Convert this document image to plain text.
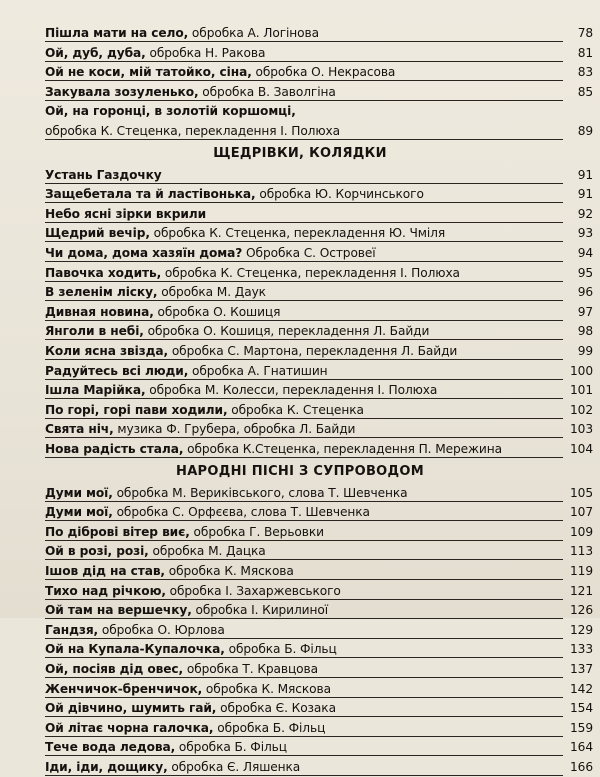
Пішла мати на село, обробка А. Логінова	78
Ой, дуб, дуба, обробка Н. Ракова	81
Ой не коси, мій татойко, сіна, обробка О. Некрасова	83
Закувала зозуленько, обробка В. Заволгіна	85
Ой, на горонці, в золотій коршомці,
обробка К. Стеценка, перекладення І. Полюха	89
Устань Газдочку	91
Защебетала та й ластівонька, обробка Ю. Корчинського	91
Небо ясні зірки вкрили	92
Щедрий вечір, обробка К. Стеценка, перекладення Ю. Чміля	93
Чи дома, дома хазяїн дома? Обробка С. Островеї	94
Павочка ходить, обробка К. Стеценка, перекладення І. Полюха	95
В зеленім ліску, обробка М. Даук	96
Дивная новина, обробка О. Кошиця	97
Янголи в небі, обробка О. Кошиця, перекладення Л. Байди	98
Коли ясна звізда, обробка С. Мартона, перекладення Л. Байди	99
Радуйтесь всі люди, обробка А. Гнатишин	100
Ішла Марійка, обробка М. Колесси, перекладення І. Полюха	101
По горі, горі пави ходили, обробка К. Стеценка	102
Свята ніч, музика Ф. Грубера, обробка Л. Байди	103
Нова радість стала, обробка К.Стеценка, перекладення П. Мережина	104
Думи мої, обробка М. Вериківського, слова Т. Шевченка	105
Думи мої, обробка С. Орфєєва, слова Т. Шевченка	107
По діброві вітер виє, обробка Г. Верьовки	109
Ой в розі, розі, обробка М. Дацка	113
Ішов дід на став, обробка К. Мяскова	119
Тихо над річкою, обробка І. Захаржевського	121
Ой там на вершечку, обробка І. Кирилиної	126
Гандзя, обробка О. Юрлова	129
Ой на Купала-Купалочка, обробка Б. Фільц	133
Ой, посіяв дід овес, обробка Т. Кравцова	137
Женчичок-бренчичок, обробка К. Мяскова	142
Ой дівчино, шумить гай, обробка Є. Козака	154
Ой літає чорна галочка, обробка Б. Фільц	159
Тече вода ледова, обробка Б. Фільц	164
Іди, іди, дощику, обробка Є. Ляшенка	166
ЩЕДРІВКИ, КОЛЯДКИ
НАРОДНІ ПІСНІ З СУПРОВОДОМ
